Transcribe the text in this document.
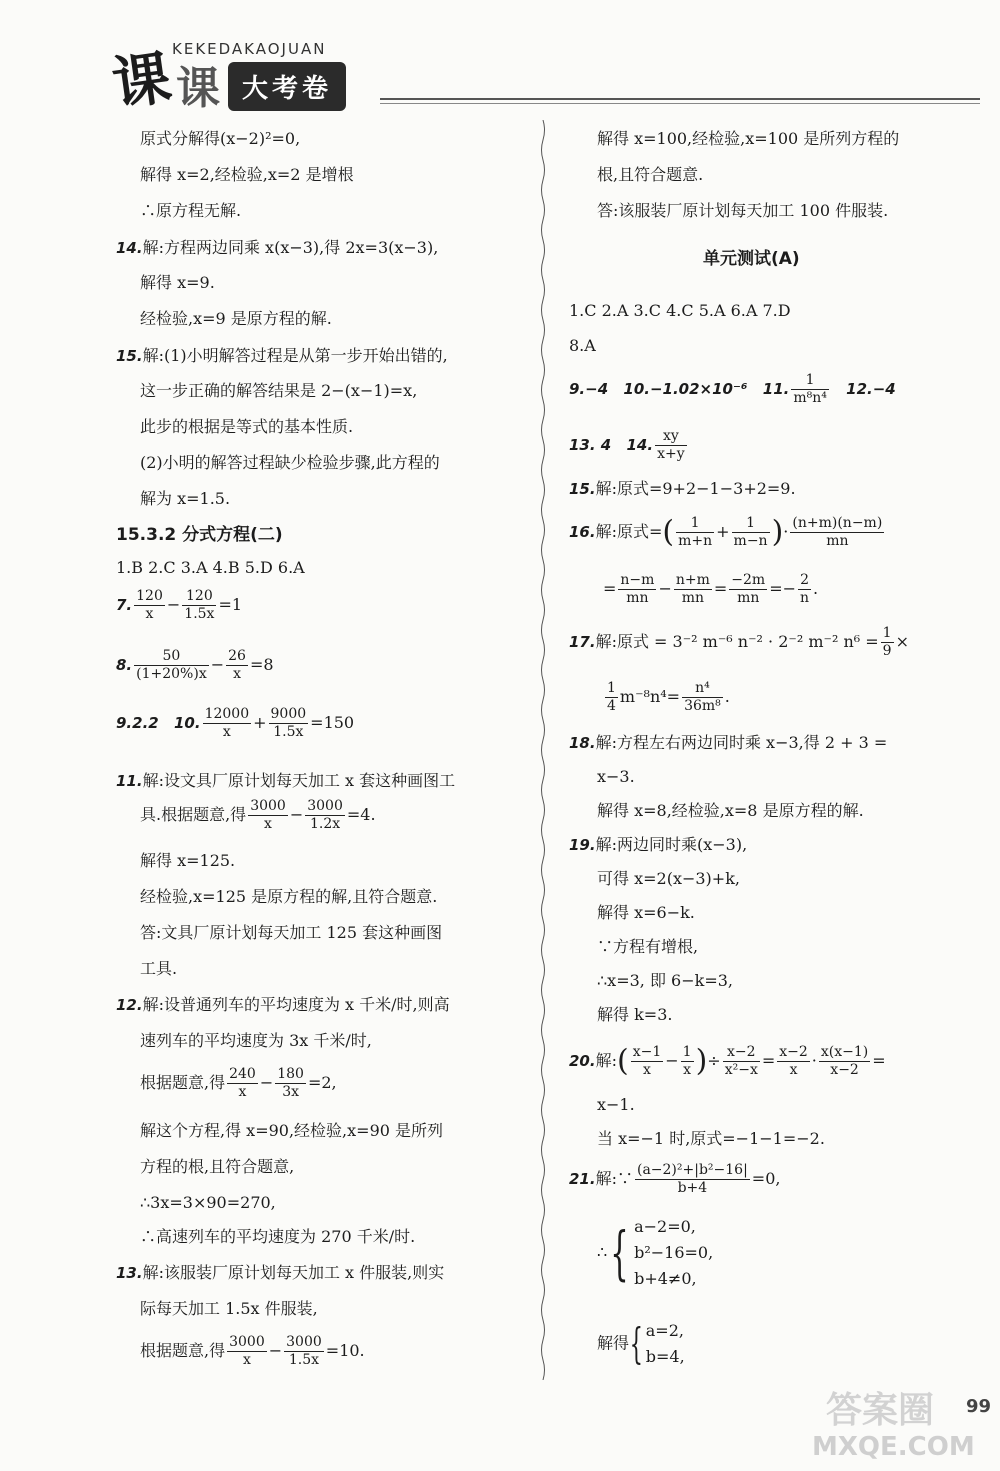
课 课
KEKEDAKAOJUAN
大考卷
原式分解得(x−2)²=0,
解得 x=2,经检验,x=2 是增根
∴原方程无解.
14.解:方程两边同乘 x(x−3),得 2x=3(x−3),
解得 x=9.
经检验,x=9 是原方程的解.
15.解:(1)小明解答过程是从第一步开始出错的,
这一步正确的解答结果是 2−(x−1)=x,
此步的根据是等式的基本性质.
(2)小明的解答过程缺少检验步骤,此方程的
解为 x=1.5.
15.3.2 分式方程(二)
1.B 2.C 3.A 4.B 5.D 6.A
7. $\frac{120}{x} - \frac{120}{1.5x} =1$
8. $\frac{50}{(1+20\%)x} - \frac{26}{x} =8$
9.2.2 10. $\frac{12000}{x} + \frac{9000}{1.5x} =150$
11.解:设文具厂原计划每天加工 x 套这种画图工
具.根据题意,得 $\frac{3000}{x} - \frac{3000}{1.2x} =4$.
解得 x=125.
经检验,x=125 是原方程的解,且符合题意.
答:文具厂原计划每天加工 125 套这种画图
工具.
12.解:设普通列车的平均速度为 x 千米/时,则高
速列车的平均速度为 3x 千米/时,
根据题意,得 $\frac{240}{x} - \frac{180}{3x} =2$,
解这个方程,得 x=90,经检验,x=90 是所列
方程的根,且符合题意,
∴3x=3×90=270,
∴高速列车的平均速度为 270 千米/时.
13.解:该服装厂原计划每天加工 x 件服装,则实
际每天加工 1.5x 件服装,
根据题意,得 $\frac{3000}{x} - \frac{3000}{1.5x} =10$.
解得 x=100,经检验,x=100 是所列方程的
根,且符合题意.
答:该服装厂原计划每天加工 100 件服装.
单元测试(A)
1.C 2.A 3.C 4.C 5.A 6.A 7.D
8.A
9.−4 10.−1.02×10⁻⁶ 11. $\frac{1}{\text{m⁸n⁴}} 12.-4$
13. 4 14. $\frac{xy}{x+y}$
15.解:原式=9+2−1−3+2=9.
16.解:原式=( $\frac{1}{m+n} + \frac{1}{m-n}$ )· $\frac{(n+m)(n-m)}{mn}$
= $\frac{n-m}{mn} - \frac{n+m}{mn} = \frac{-2m}{mn} =- \frac{2}{n}$ .
17.解:原式 = 3⁻² m⁻⁶ n⁻² · 2⁻² m⁻² $n^6 = \frac{1}{9}$ ×
$\frac{1}{4} m^{-8}n^4= \frac{\text{n⁴}}{\text{36m⁸}}$ .
18.解:方程左右两边同时乘 x−3,得 2 + 3 =
x−3.
解得 x=8,经检验,x=8 是原方程的解.
19.解:两边同时乘(x−3),
可得 x=2(x−3)+k,
解得 x=6−k.
∵方程有增根,
∴x=3, 即 6−k=3,
解得 k=3.
20.解:( $\frac{x-1}{x} - \frac{1}{x}$ )÷ $\frac{x-2}{\text{x²−x}} = \frac{x-2}{x} \cdot \frac{x(x-1)}{x-2}$ =
x−1.
当 x=−1 时,原式=−1−1=−2.
21.解:∵ $\frac{\text{(a−2)²+|b²−16|}}{b+4} =0$,
∴{ a−2=0,
b²−16=0,
b+4≠0,
解得{ a=2,
b=4,
答案圈 99
MXQE.COM
